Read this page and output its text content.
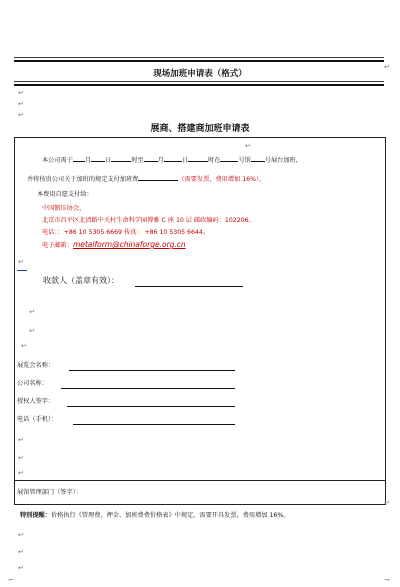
现场加班申请表（格式）
↵
↵
↵
↵
展商、搭建商加班申请表
↵
本公司需于 月 日	时至 月	日	时在	号馆 号展台加班,
并将按贵公司关于加班的规定支付加班费	（需要发票，费用增加 16%）。
本费用自愿支付给：
中国锻压协会，
北京市昌平区北清路中关村生命科学园博雅 C 座 10 层 邮政编码：102206。
电话：：+86 10 5305 6669 传真： +86 10 5305 6644。
电子邮箱：metalform@chinaforge.org.cn
↵
收款人（盖章有效）：
↵
↵
↵
展览会名称：
公司名称：
授权人签字：
电话（手机）：
↵
↵
↵
展馆管理部门（签字）：
↵
特别提醒：价格执行《管理费、押金、加班费费价格表》中规定。需要开具发票，费用增加 16%。
↵
↵
↵
⌐	¬
